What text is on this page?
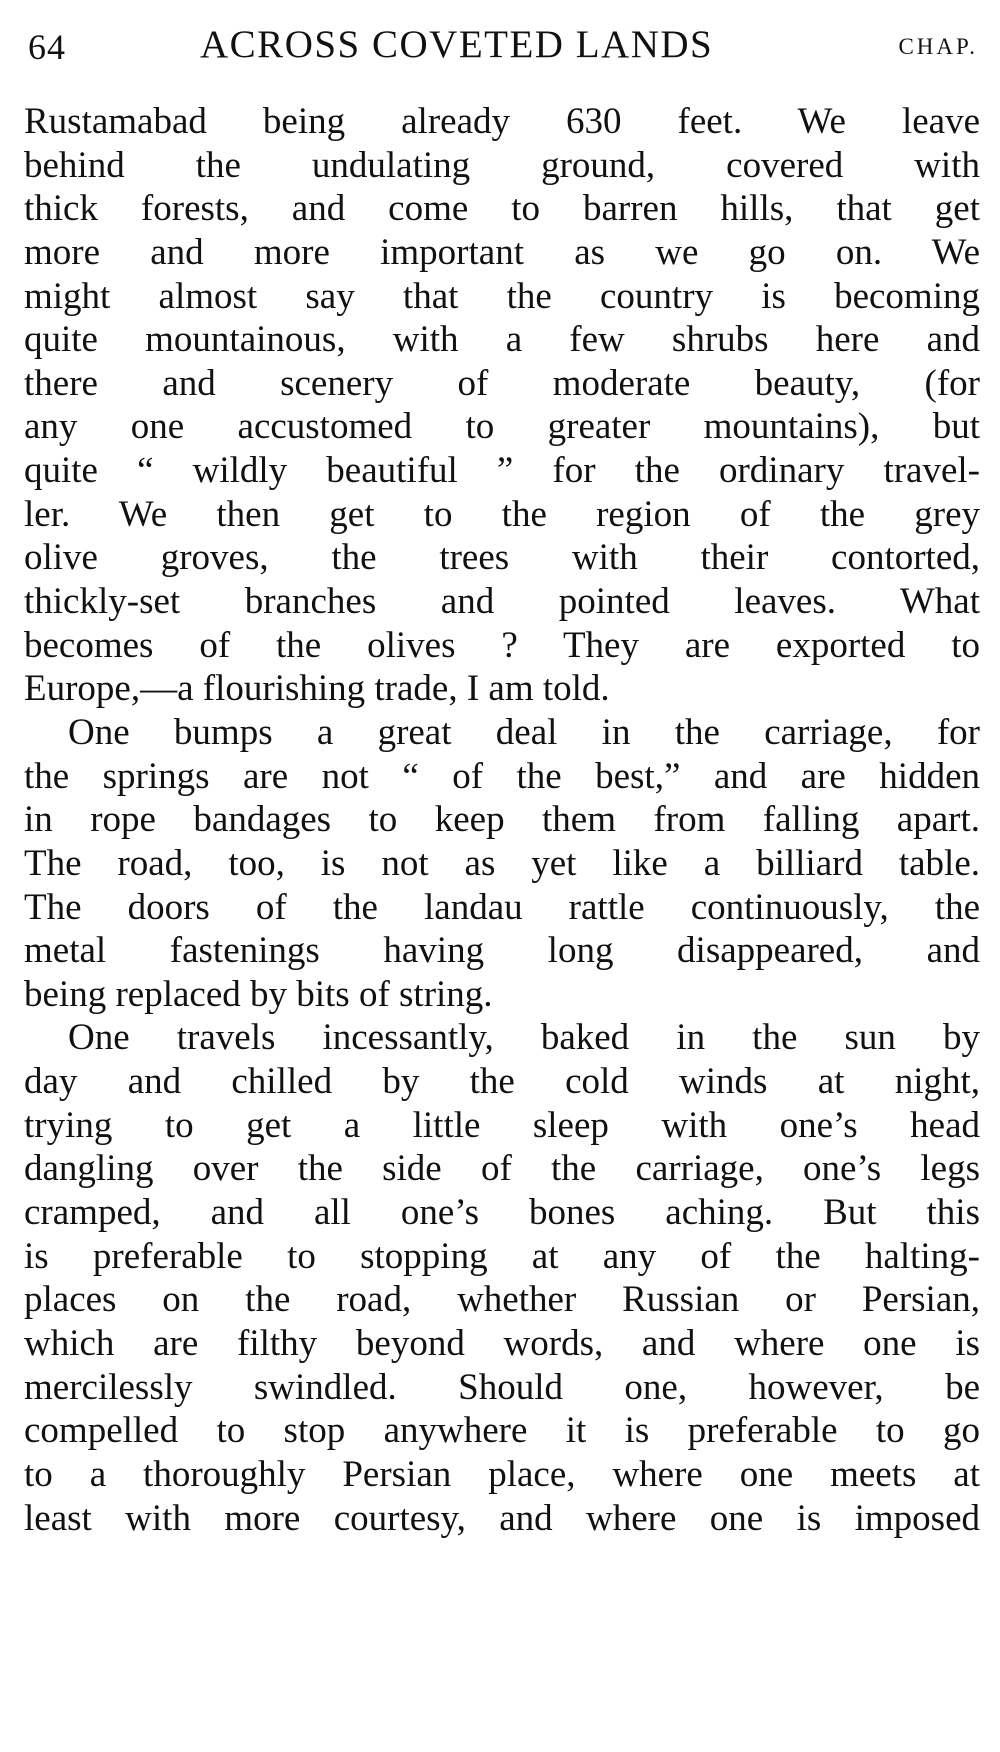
64	ACROSS COVETED LANDS	CHAP.
Rustamabad being already 630 feet. We leave
behind the undulating ground, covered with
thick forests, and come to barren hills, that get
more and more important as we go on. We
might almost say that the country is becoming
quite mountainous, with a few shrubs here and
there and scenery of moderate beauty, (for
any one accustomed to greater mountains), but
quite “ wildly beautiful ” for the ordinary travel-
ler. We then get to the region of the grey
olive groves, the trees with their contorted,
thickly-set branches and pointed leaves. What
becomes of the olives ? They are exported to
Europe,—a flourishing trade, I am told.
One bumps a great deal in the carriage, for
the springs are not “ of the best,” and are hidden
in rope bandages to keep them from falling apart.
The road, too, is not as yet like a billiard table.
The doors of the landau rattle continuously, the
metal fastenings having long disappeared, and
being replaced by bits of string.
One travels incessantly, baked in the sun by
day and chilled by the cold winds at night,
trying to get a little sleep with one’s head
dangling over the side of the carriage, one’s legs
cramped, and all one’s bones aching. But this
is preferable to stopping at any of the halting-
places on the road, whether Russian or Persian,
which are filthy beyond words, and where one is
mercilessly swindled. Should one, however, be
compelled to stop anywhere it is preferable to go
to a thoroughly Persian place, where one meets at
least with more courtesy, and where one is imposed
